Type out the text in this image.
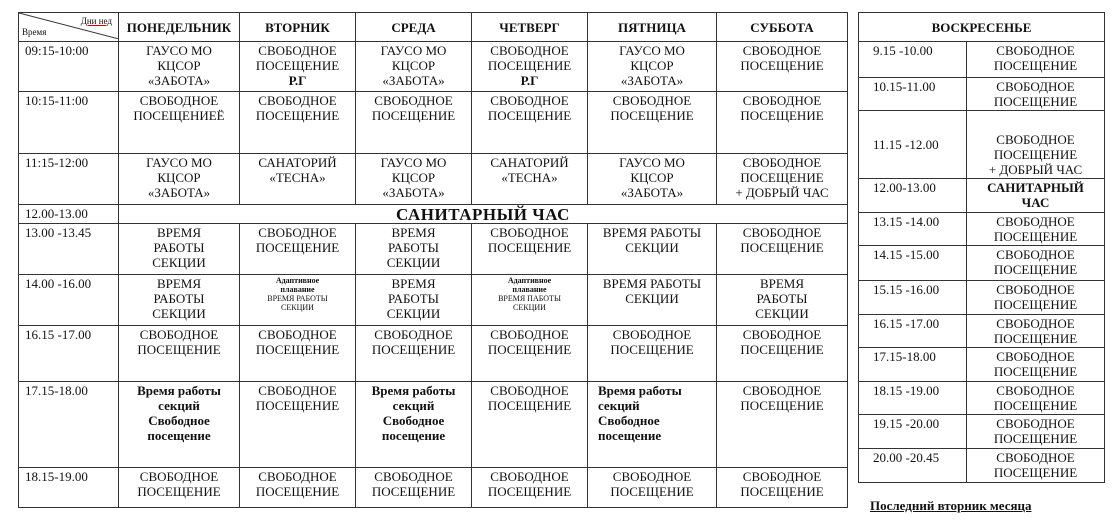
Дни нед
Время	ПОНЕДЕЛЬНИК	ВТОРНИК	СРЕДА	ЧЕТВЕРГ	ПЯТНИЦА	СУББОТА
09:15-10:00	ГАУСО МО
КЦСОР
«ЗАБОТА»	СВОБОДНОЕ
ПОСЕЩЕНИЕ
Р.Г	ГАУСО МО
КЦСОР
«ЗАБОТА»	СВОБОДНОЕ
ПОСЕЩЕНИЕ
Р.Г	ГАУСО МО
КЦСОР
«ЗАБОТА»	СВОБОДНОЕ
ПОСЕЩЕНИЕ

10:15-11:00	СВОБОДНОЕ
ПОСЕЩЕНИЕЁ	СВОБОДНОЕ
ПОСЕЩЕНИЕ	СВОБОДНОЕ
ПОСЕЩЕНИЕ	СВОБОДНОЕ
ПОСЕЩЕНИЕ	СВОБОДНОЕ
ПОСЕЩЕНИЕ	СВОБОДНОЕ
ПОСЕЩЕНИЕ

11:15-12:00	ГАУСО МО
КЦСОР
«ЗАБОТА»	САНАТОРИЙ
«ТЕСНА»	ГАУСО МО
КЦСОР
«ЗАБОТА»	САНАТОРИЙ
«ТЕСНА»	ГАУСО МО
КЦСОР
«ЗАБОТА»	СВОБОДНОЕ
ПОСЕЩЕНИЕ
+ ДОБРЫЙ ЧАС

12.00-13.00	САНИТАРНЫЙ ЧАС					
13.00 -13.45	ВРЕМЯ
РАБОТЫ
СЕКЦИИ	СВОБОДНОЕ
ПОСЕЩЕНИЕ	ВРЕМЯ
РАБОТЫ
СЕКЦИИ	СВОБОДНОЕ
ПОСЕЩЕНИЕ	ВРЕМЯ РАБОТЫ
СЕКЦИИ	СВОБОДНОЕ
ПОСЕЩЕНИЕ

14.00 -16.00	ВРЕМЯ
РАБОТЫ
СЕКЦИИ	Адаптивное
плавание
ВРЕМЯ РАБОТЫ
СЕКЦИИ	ВРЕМЯ
РАБОТЫ
СЕКЦИИ	Адаптивное
плавание
ВРЕМЯ ПАБОТЫ
СЕКЦИИ	ВРЕМЯ РАБОТЫ
СЕКЦИИ	ВРЕМЯ
РАБОТЫ
СЕКЦИИ

16.15 -17.00	СВОБОДНОЕ
ПОСЕЩЕНИЕ	СВОБОДНОЕ
ПОСЕЩЕНИЕ	СВОБОДНОЕ
ПОСЕЩЕНИЕ	СВОБОДНОЕ
ПОСЕЩЕНИЕ	СВОБОДНОЕ
ПОСЕЩЕНИЕ	СВОБОДНОЕ
ПОСЕЩЕНИЕ

17.15-18.00	Время работы
секций
Свободное
посещение	СВОБОДНОЕ
ПОСЕЩЕНИЕ	Время работы
секций
Свободное
посещение	СВОБОДНОЕ
ПОСЕЩЕНИЕ	Время работы
секций
Свободное
посещение	СВОБОДНОЕ
ПОСЕЩЕНИЕ

18.15-19.00	СВОБОДНОЕ
ПОСЕЩЕНИЕ	СВОБОДНОЕ
ПОСЕЩЕНИЕ	СВОБОДНОЕ
ПОСЕЩЕНИЕ	СВОБОДНОЕ
ПОСЕЩЕНИЕ	СВОБОДНОЕ
ПОСЕЩЕНИЕ	СВОБОДНОЕ
ПОСЕЩЕНИЕ
ВОСКРЕСЕНЬЕ	
9.15 -10.00	СВОБОДНОЕ
ПОСЕЩЕНИЕ

10.15-11.00	СВОБОДНОЕ
ПОСЕЩЕНИЕ

11.15 -12.00	СВОБОДНОЕ
ПОСЕЩЕНИЕ
+ ДОБРЫЙ ЧАС

12.00-13.00	САНИТАРНЫЙ
ЧАС

13.15 -14.00	СВОБОДНОЕ
ПОСЕЩЕНИЕ

14.15 -15.00	СВОБОДНОЕ
ПОСЕЩЕНИЕ

15.15 -16.00	СВОБОДНОЕ
ПОСЕЩЕНИЕ

16.15 -17.00	СВОБОДНОЕ
ПОСЕЩЕНИЕ

17.15-18.00	СВОБОДНОЕ
ПОСЕЩЕНИЕ

18.15 -19.00	СВОБОДНОЕ
ПОСЕЩЕНИЕ

19.15 -20.00	СВОБОДНОЕ
ПОСЕЩЕНИЕ

20.00 -20.45	СВОБОДНОЕ
ПОСЕЩЕНИЕ
Последний вторник месяца
